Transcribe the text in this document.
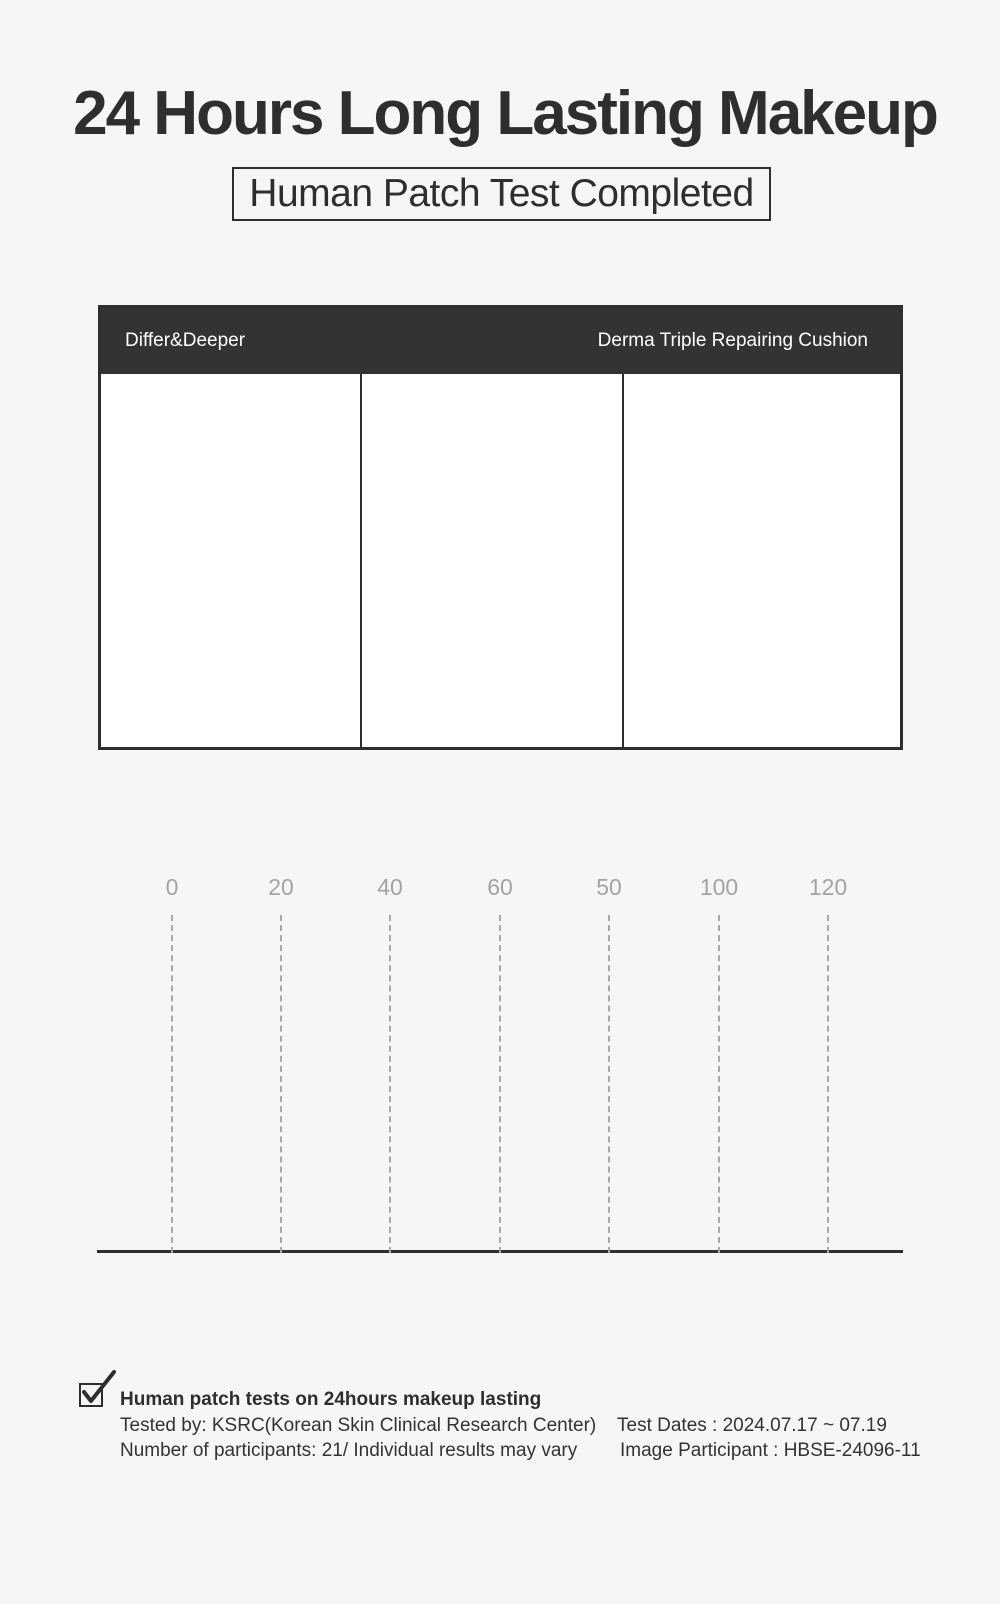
24 Hours Long Lasting Makeup
Human Patch Test Completed
Differ&Deeper	Derma Triple Repairing Cushion
0	20	40	60	50	100	120
Human patch tests on 24hours makeup lasting
Tested by: KSRC(Korean Skin Clinical Research Center)
Number of participants: 21/ Individual results may vary
Test Dates : 2024.07.17 ~ 07.19
Image Participant : HBSE-24096-11
